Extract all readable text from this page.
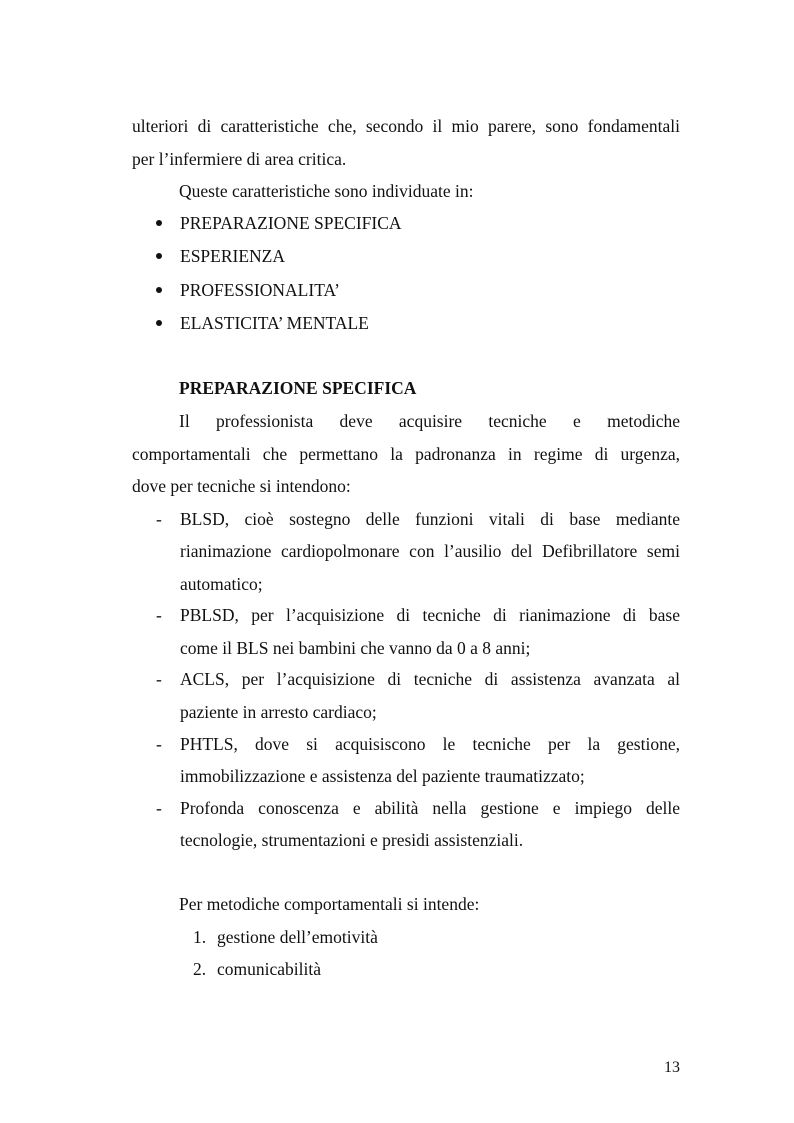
ulteriori di caratteristiche che, secondo il mio parere, sono fondamentali
per l’infermiere di area critica.
Queste caratteristiche sono individuate in:
PREPARAZIONE SPECIFICA
ESPERIENZA
PROFESSIONALITA’
ELASTICITA’ MENTALE
PREPARAZIONE SPECIFICA
Il professionista deve acquisire tecniche e metodiche
comportamentali che permettano la padronanza in regime di urgenza,
dove per tecniche si intendono:
- BLSD, cioè sostegno delle funzioni vitali di base mediante
rianimazione cardiopolmonare con l’ausilio del Defibrillatore semi
automatico;
- PBLSD, per l’acquisizione di tecniche di rianimazione di base
come il BLS nei bambini che vanno da 0 a 8 anni;
- ACLS, per l’acquisizione di tecniche di assistenza avanzata al
paziente in arresto cardiaco;
- PHTLS, dove si acquisiscono le tecniche per la gestione,
immobilizzazione e assistenza del paziente traumatizzato;
- Profonda conoscenza e abilità nella gestione e impiego delle
tecnologie, strumentazioni e presidi assistenziali.
Per metodiche comportamentali si intende:
1. gestione dell’emotività
2. comunicabilità
13
